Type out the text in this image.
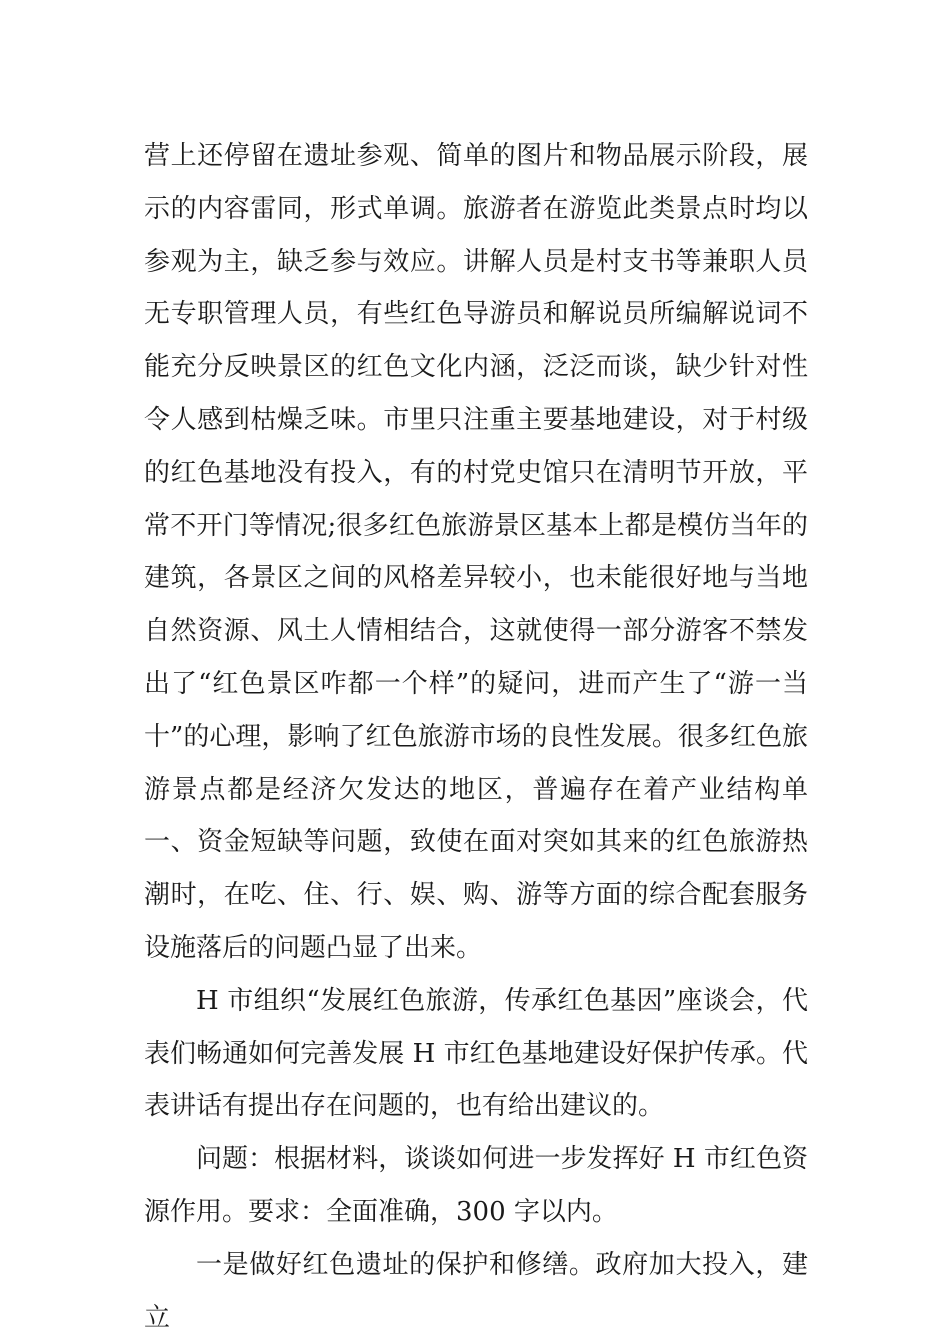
营上还停留在遗址参观、简单的图片和物品展示阶段，展示的内容雷同，形式单调。旅游者在游览此类景点时均以参观为主，缺乏参与效应。讲解人员是村支书等兼职人员无专职管理人员，有些红色导游员和解说员所编解说词不能充分反映景区的红色文化内涵，泛泛而谈，缺少针对性令人感到枯燥乏味。市里只注重主要基地建设，对于村级的红色基地没有投入，有的村党史馆只在清明节开放，平常不开门等情况;很多红色旅游景区基本上都是模仿当年的建筑，各景区之间的风格差异较小，也未能很好地与当地自然资源、风土人情相结合，这就使得一部分游客不禁发出了“红色景区咋都一个样”的疑问，进而产生了“游一当十”的心理，影响了红色旅游市场的良性发展。很多红色旅游景点都是经济欠发达的地区，普遍存在着产业结构单一、资金短缺等问题，致使在面对突如其来的红色旅游热潮时，在吃、住、行、娱、购、游等方面的综合配套服务设施落后的问题凸显了出来。

H 市组织“发展红色旅游，传承红色基因”座谈会，代表们畅通如何完善发展 H 市红色基地建设好保护传承。代表讲话有提出存在问题的，也有给出建议的。

问题：根据材料，谈谈如何进一步发挥好 H 市红色资源作用。要求：全面准确，300 字以内。

一是做好红色遗址的保护和修缮。政府加大投入，建立
